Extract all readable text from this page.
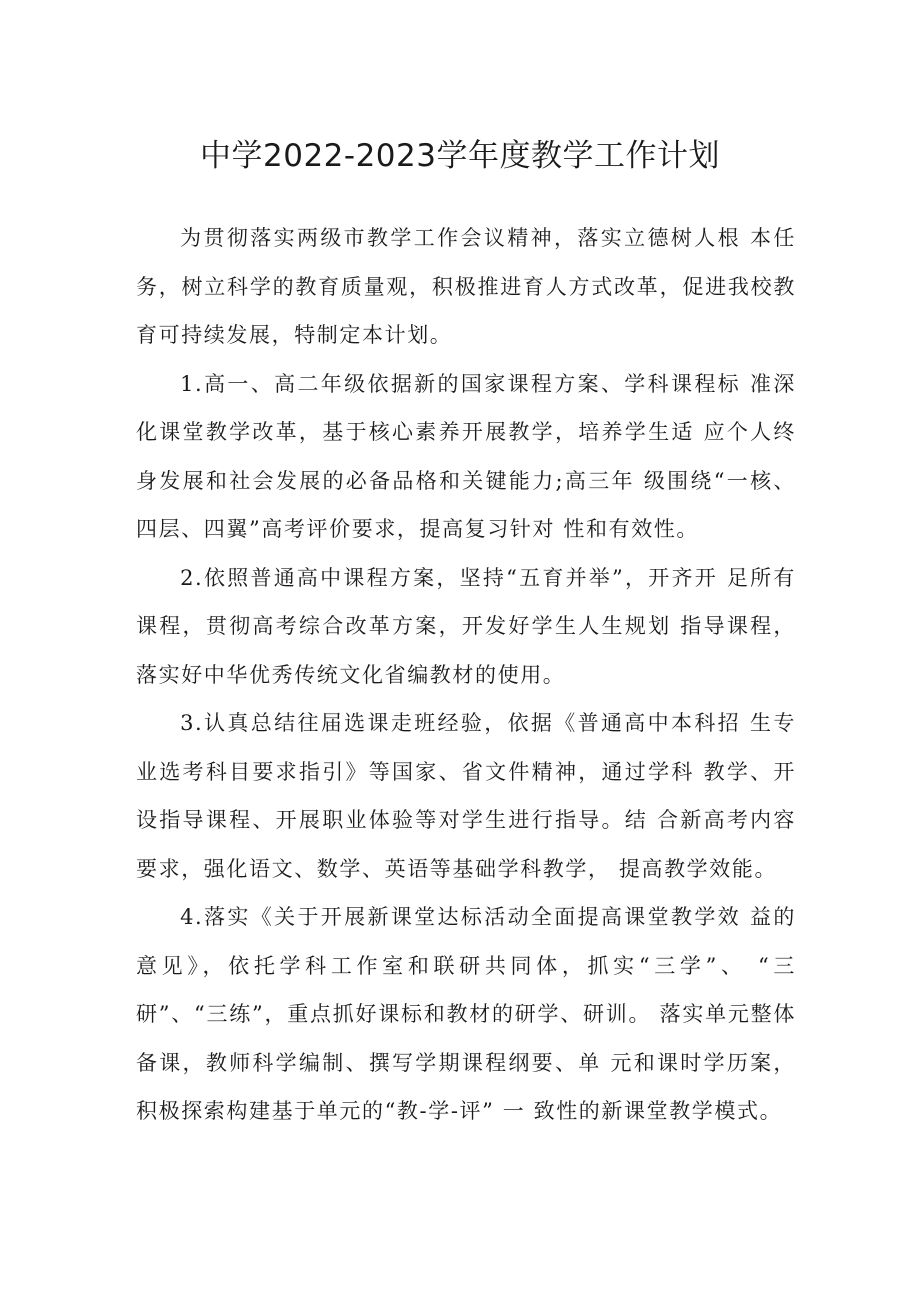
中学2022-2023学年度教学工作计划

为贯彻落实两级市教学工作会议精神，落实立德树人根 本任务，树立科学的教育质量观，积极推进育人方式改革，促进我校教育可持续发展，特制定本计划。

1.高一、高二年级依据新的国家课程方案、学科课程标 准深化课堂教学改革，基于核心素养开展教学，培养学生适 应个人终身发展和社会发展的必备品格和关键能力;高三年 级围绕“一核、四层、四翼”高考评价要求，提高复习针对 性和有效性。

2.依照普通高中课程方案，坚持“五育并举”，开齐开 足所有课程，贯彻高考综合改革方案，开发好学生人生规划 指导课程，落实好中华优秀传统文化省编教材的使用。

3.认真总结往届选课走班经验，依据《普通高中本科招 生专业选考科目要求指引》等国家、省文件精神，通过学科 教学、开设指导课程、开展职业体验等对学生进行指导。结 合新高考内容要求，强化语文、数学、英语等基础学科教学， 提高教学效能。

4.落实《关于开展新课堂达标活动全面提高课堂教学效 益的意见》，依托学科工作室和联研共同体，抓实“三学”、 “三研”、“三练”，重点抓好课标和教材的研学、研训。 落实单元整体备课，教师科学编制、撰写学期课程纲要、单 元和课时学历案，积极探索构建基于单元的“教-学-评” 一 致性的新课堂教学模式。
